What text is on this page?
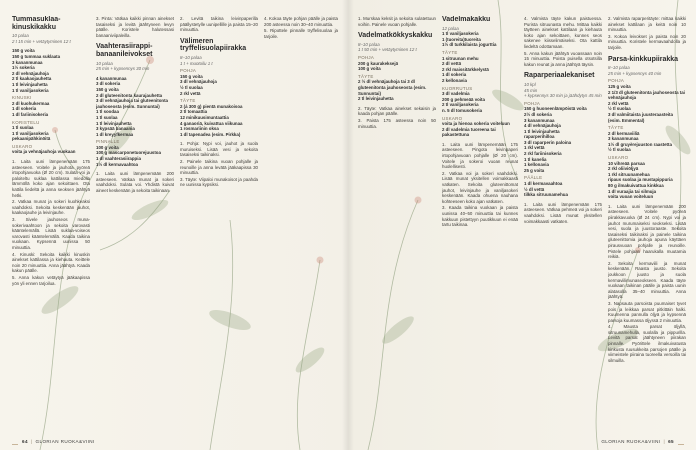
Tummasuklaa-kinuskikakku

10 palaa

2 t 15 min + vetäytyminen 12 t

150 g voita

150 g tummaa suklaata

3 kananmunaa

1½ sokeria

2 dl vehnäjauhoja

2 tl kaakaojauhetta

1 tl leivinjauhetta

1 tl vaniljasokeria

KINUSKI

2 dl kuohukermaa

1 dl sokeria

1 dl fariinisokeria

KORISTELU

1 tl suolaa

1 tl vaniljasokeria

pekaanipähkinöitä

USKARO

voita ja vehnäjauhoja vuokaan

1. Laita uuni lämpenemään 175 asteeseen. Voitele ja jauhota pyöreä irtopohjavuoka (Ø 20 cm). Sulata voi ja paloiteltu suklaa kattilassa miedolla lämmöllä koko ajan sekoittaen. Ota kattila liedeltä ja anna seoksen jäähtyä hetki.

2. Vatkaa munat ja sokeri kuohkeaksi vaahdoksi. Sekoita keskenään jauhot, kaakaojauhe ja leivinjauhe.

3. Sivele jauhoseos muna-sokerivaahtoon ja sekoita varovasti kääntelemällä. Lisää suklaa-voiseos varovasti kääntelemällä. Kaada taikina vuokaan. Kypsennä uunissa 50 minuuttia.

4. Kinuski: Sekoita kaikki kinuskin ainekset kattilassa ja kiehauta. Keittele noin 20 minuuttia. Anna jäähtyä. Kaada kakun päälle.

5. Anna kakun vetäytyä jääkaapissa yön yli ennen tarjoilua.

3. Pinta: Vatkaa kaikki pinnan ainekset tasaiseksi ja levitä jäähtyneen levyn päälle. Koristele halutessasi banaaniviipaleilla.

Vaahterasiirappi-banaanileivokset

10 palaa

25 min + kypsennys 30 min

4 kananmunaa

3 dl sokeria

150 g voita

2 dl gluteenitonta kaurajauhetta

3 dl vehnäjauhoja tai gluteenitonta jauhoseosta (esim. Sunnuntai)

1 tl soodaa

1 tl suolaa

1 tl leivinjauhetta

3 kypsää banaania

1 dl kreyyfkermaa

PINNALLE

100 g voita

100 g mascarponetuorejuustoa

1 dl vaahterasiirappia

1½ dl kermavaahtoa

1. Laita uuni lämpenemään 200 asteeseen. Vatkaa munat ja sokeri vaahdoksi. Sulata voi. Yhdistä kuivat aineet keskenään ja sekoita taikinaan.

2. Levitä taikina leivinpaperilla päällystetylle uunipellille ja paista 15–20 minuuttia.

Välimeren tryffelisuolapiirakka

8–10 palaa

1 t + muotoilu 1 t

POHJA

150 g voita

3 dl vehnäjauhoja

½ tl suolaa

2 rkl vettä

TÄYTE

2 (á 300 g) pientä munakoisoa

2 tl tomaattia

12 minikuusimuntaattia

4 ganaoriä, kuivattua viikunaa

1 rosmariinin oksa

1 dl tapenadea (esim. Pirkka)

1. Pohja: Nypi voi, jauhot ja suola muruiseksi. Lisää vesi ja sekoita tasaiseksi taikinaksi.

2. Painele taikina vuoan pohjalle ja reunoille ja anna levätä jääkaapissa 30 minuuttia.

3. Täyte: Viipaloi munakoisot ja paahda ne uunissa kypsiksi.

4. Kokoa täyte pohjan päälle ja paista 200 asteessa noin 30–40 minuuttia.

5. Ripottele pinnalle tryffelisuolaa ja tarjoile.

64 | GLORIAN RUOKA&VIINI

1. Murskaa keksit ja sekoita sulatettuun voihin. Painele vuoan pohjalle.

Vadelmatkökkyskakku

8–10 palaa

1 t 50 min + vetäytyminen 12 t

POHJA

200 g kaurakeksejä

100 g voita

TÄYTE

2 ½ dl vehnäjauhoja tai 3 dl gluteenitonta jauhoseosta (esim. Sunnuntai)

2 tl leivinjauhetta

2. Täyte: Vatkaa ainekset sekaisin ja kaada pohjan päälle.

3. Paista 175 asteessa noin 50 minuuttia.

Vadelmakakku

12 palaa

1 tl vaniljasokeria

1 (tuoreita)tuoreita

1½ dl turkkilaista jogurttia

TÄYTE

1 sitruunan mehu

2 dl vettä

2 rkl maissitärkkelystä

1 dl sokeria

2 kellonavia

KUORRUTUS

3 dl vadelmia

200 g pehmeää voita

2 tl vaniljasokeria

n. 5 dl tomusokeria

USKARO

voita ja hienoa sokeria voiteluun

2 dl vadelmia tuoreena tai pakastettuna

1. Laita uuni lämpenemään 175 asteeseen. Pingota leivinpaperi irtopohjavuoan pohjalle (Ø 20 cm). Voitele ja sokeroi vuoan reunat huolellisesti.

2. Vatkaa voi ja sokeri vaahdoksi. Lisää munat yksitellen voimakkaasti vatkaten. Sekoita gluteenittomat jauhot, leivinjauhe ja vaniljasokeri keskenään. Kaada ohuena nauhana kohteeseen koko ajan vatkaten.

3. Kaada taikina vuokaan ja paista uunissa 40–50 minuuttia tai kunnes kakkuun pistettyyn puutikkuun ei enää tartu taikinaa.

4. Valmista täyte kakun paistuessa. Purista sitruunasta mehu. Mittaa kaikki täytteen ainekset kattilaan ja kiehauta koko ajan sekoittaen, kunnes seos sakenee kiisselimäiseksi. Ota kattila liedeltä odottamaan.

5. Anna kakun jäähtyä vuoassaan noin 15 minuuttia. Poista puisella otsotsilla kakun reunat ja anna jäähtyä täysin.

Raparperiaalekaniset

10 kpl

45 min

+ kypsennys 30 min ja jäähdytys 45 min

POHJA

150 g huoneenlämpöistä voita

2½ dl sokeria

3 kananmunaa

4 dl vehnäjauhoja

1 tl leivinjauhetta

raparperihilloa

3 dl raparperin paloina

1 rkl vettä

2 rkl fariinisokeria

1 tl kanelia

1 kellonavia

25 g voita

PÄÄLLE

1 dl kermavaahtoa

½ dl vettä

tilkka sitruunamehua

1. Laita uuni lämpenemään 175 asteeseen. Vatkaa pehmeä voi ja sokeri vaahdoksi. Lisää munat yksitellen voimakkaasti vatkaten.

2. Valmista raparperitäyte: mittaa kaikki ainekset kattilaan ja keitä noin 10 minuuttia.

3. Kokoa leivokset ja paista noin 20 minuuttia. Koristele kermavaahdolla ja tarjoile.

Parsa-kinkkupiirakka

8–10 palaa

25 min + kypsennys 40 min

POHJA

125 g voita

2 1/3 dl gluteenitonta jauhoseosta tai vehnäjauhoja

2 rkl vettä

½ tl suolaa

3 dl valmiitaista juusteraasteita (esim. Emmental)

TÄYTE

2 dl kermaviiliä

3 kananmunaa

1½ dl gruyèrejuuston raastetta

½ tl suolaa

USKARO

10 vihreää parsaa

2 rkl oliiviöljyä

1 rkl sitruunamehua

ripaus suolaa ja mustapippuria

80 g ilmakuivattua kinkkua

1 dl vuraajia tai silmuja

voita vuoan voiteluun

1. Laita uuni lämpenemään 200 asteeseen. Voitele pyöreä piirakkavuoka (Ø 24 cm). Nypi voi ja jauhot murumaiseksi seokseksi. Lisää vesi, suola ja juustoraaste. Sekoita tasaiseksi taikinaksi ja painele taikina gluteenittomia jauhoja apuna käyttäen pirausvuoan pohjalle ja reunoille. Pistele pohjaan haarukalla muutamia reikiä.

2. Sekoita kermaviili ja munat keskenään. Raasta juusto. Sekoita joukkoon juusto ja suola kermaviilimunaseokseen. Kaada täyte vuokaan taikinan päälle ja paista uunin alatasolla 35–40 minuuttia. Anna jäähtyä.

3. Napsauta parsoista puumaiset tyvet pois ja leikkaa parsat pitkittäin halki. Kuumenna pannulla öljyä ja kypsennä parsoja kuumassa öljyssä 2 minuuttia.

4. Mausta parsat öljyllä, sitruunamehulla, suolalla ja pippurilla. Levitä parsat jäähtyneen piirakan pinnalle. Pyörittele ilmakuivatusta kinkusta ruusukkeita parsojen päälle ja viimeistele piiraina tuoreella versoilla tai silmuilla.

GLORIAN RUOKA&VIINI | 65
